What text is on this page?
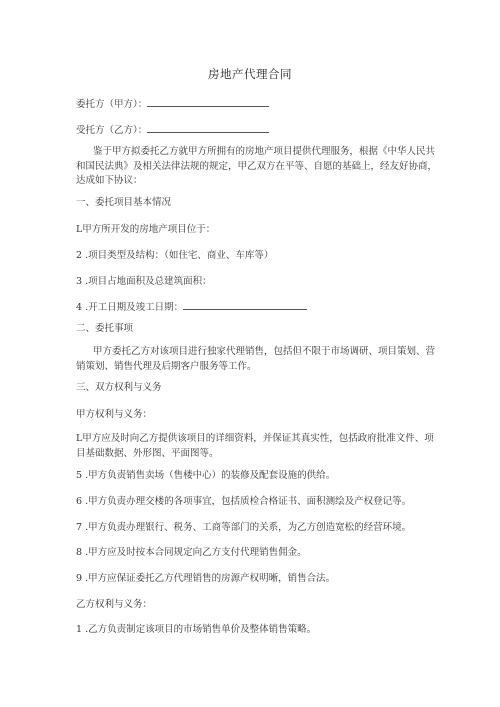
房地产代理合同
委托方（甲方）：
受托方（乙方）：
鉴于甲方拟委托乙方就甲方所拥有的房地产项目提供代理服务，根据《中华人民共和国民法典》及相关法律法规的规定，甲乙双方在平等、自愿的基础上，经友好协商，达成如下协议：
一、委托项目基本情况
L甲方所开发的房地产项目位于：
2 .项目类型及结构：（如住宅、商业、车库等）
3 .项目占地面积及总建筑面积：
4 .开工日期及竣工日期：
二、委托事项
甲方委托乙方对该项目进行独家代理销售，包括但不限于市场调研、项目策划、营销策划、销售代理及后期客户服务等工作。
三、双方权利与义务
甲方权利与义务：
L甲方应及时向乙方提供该项目的详细资料，并保证其真实性，包括政府批准文件、项目基础数据、外形图、平面图等。
5 .甲方负责销售卖场（售楼中心）的装修及配套设施的供给。
6 .甲方负责办理交楼的各项事宜，包括质检合格证书、面积测绘及产权登记等。
7 .甲方负责办理银行、税务、工商等部门的关系，为乙方创造宽松的经营环境。
8 .甲方应及时按本合同规定向乙方支付代理销售佣金。
9 .甲方应保证委托乙方代理销售的房源产权明晰，销售合法。
乙方权利与义务：
1 .乙方负责制定该项目的市场销售单价及整体销售策略。
